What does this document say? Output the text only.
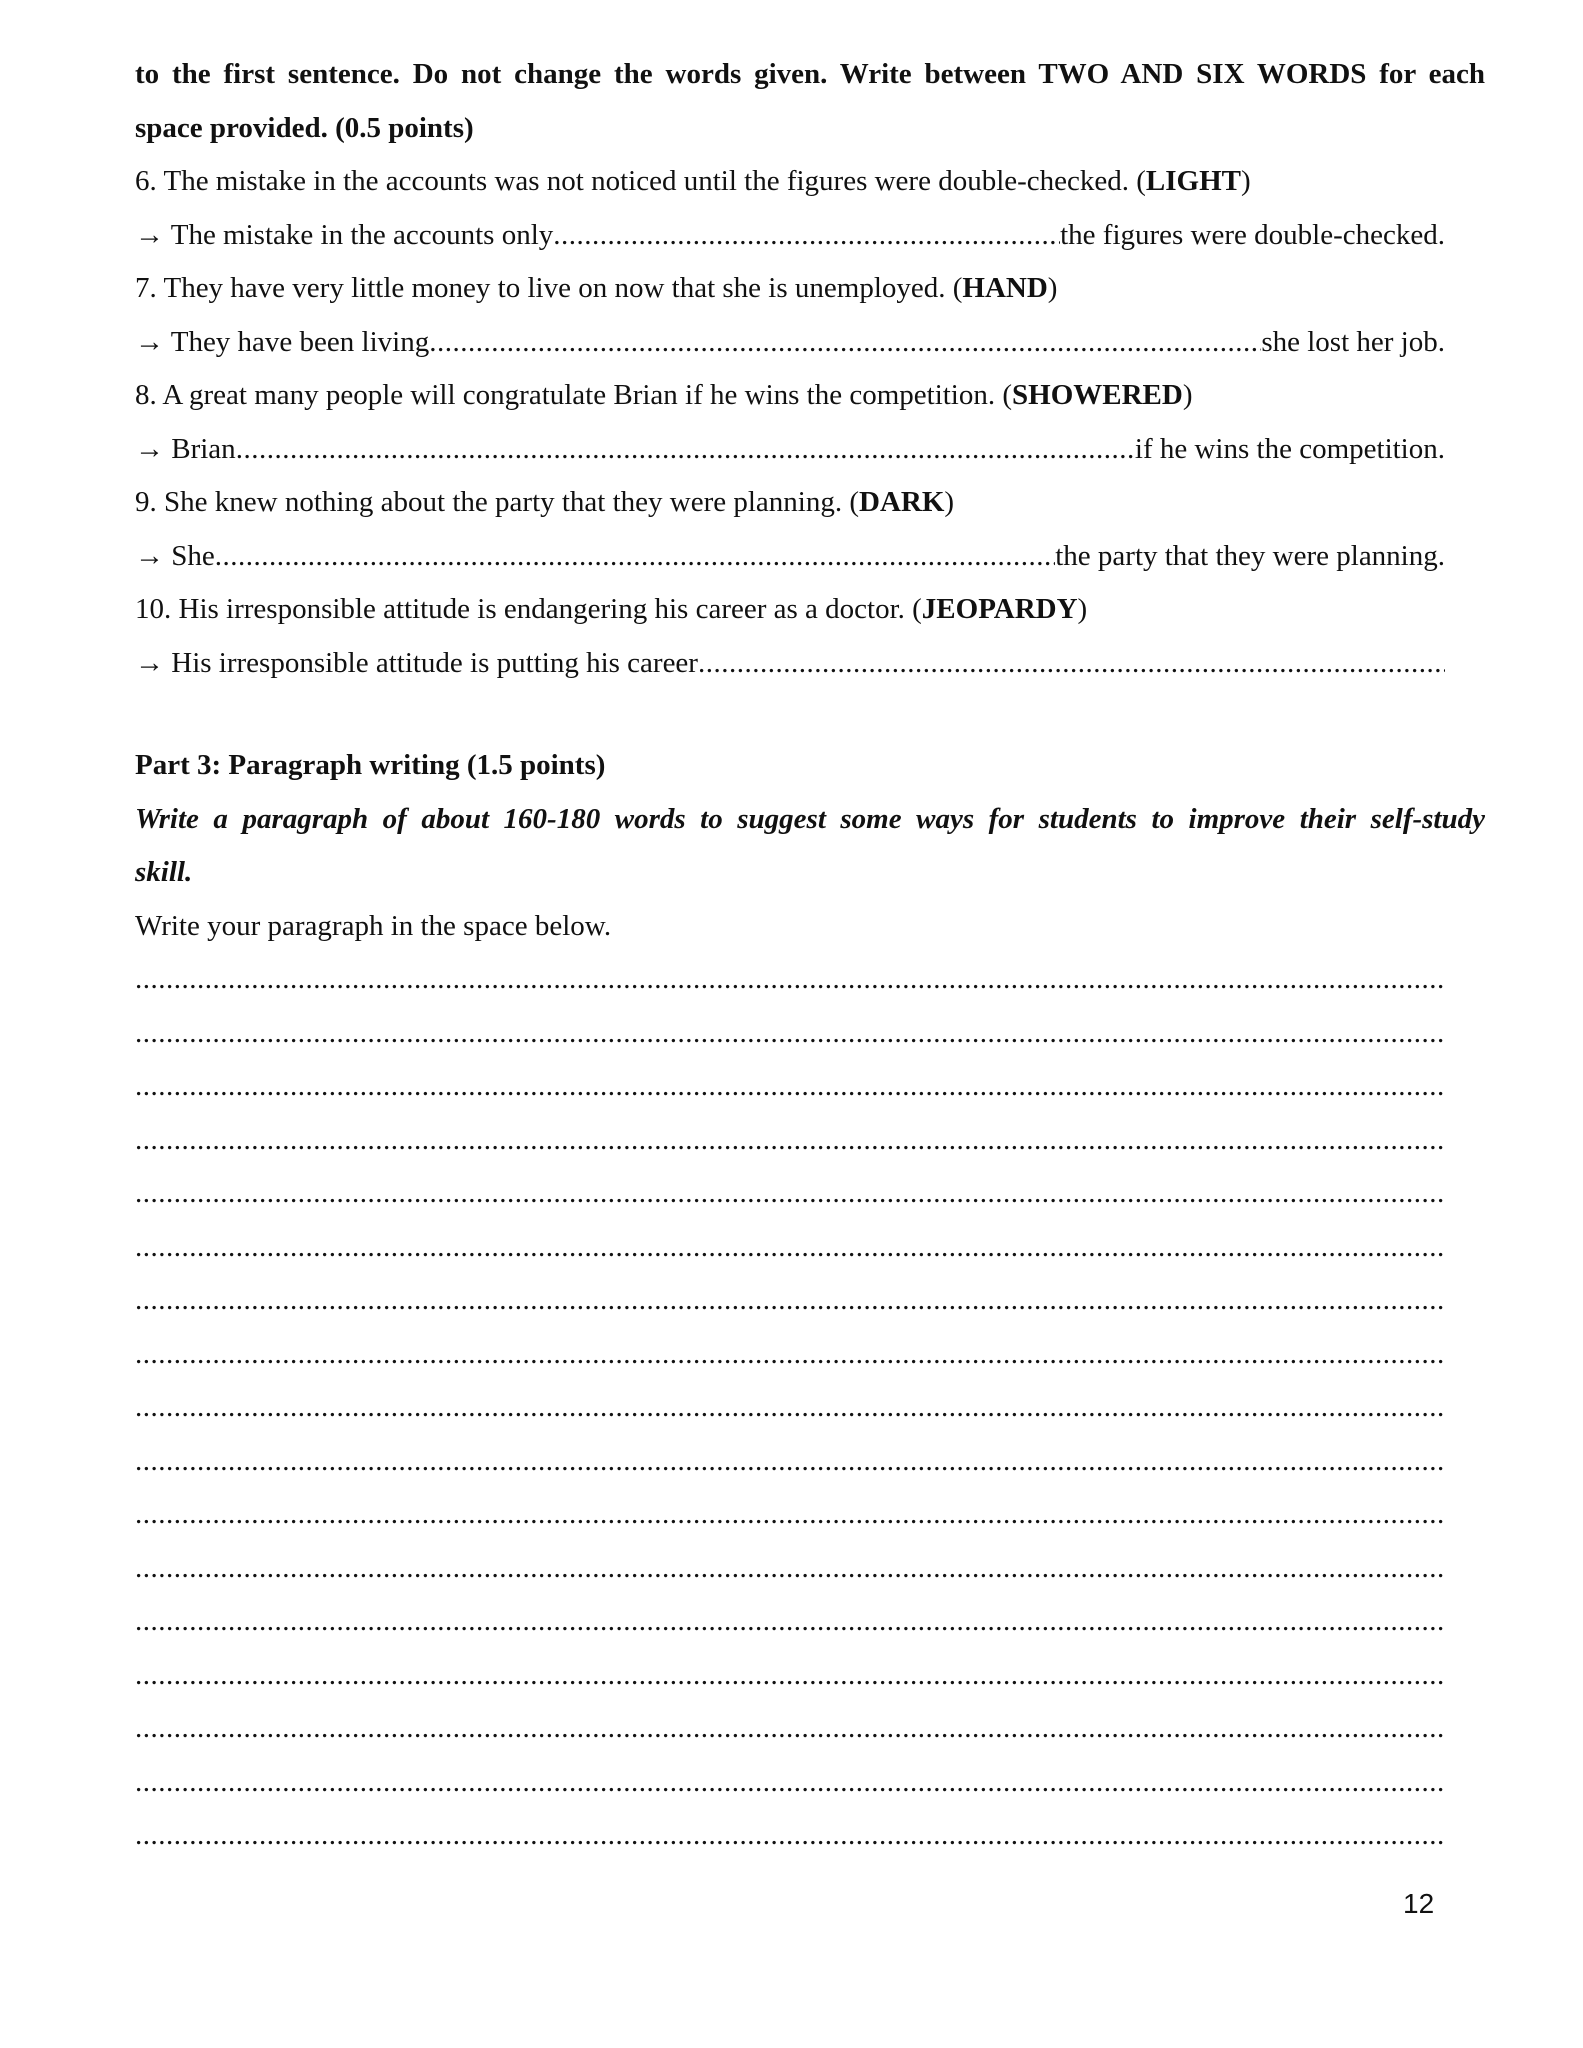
to the first sentence. Do not change the words given. Write between TWO AND SIX WORDS for each
space provided. (0.5 points)
6. The mistake in the accounts was not noticed until the figures were double-checked. (LIGHT)
→ The mistake in the accounts only .....	the figures were double-checked.
7. They have very little money to live on now that she is unemployed. (HAND)
→ They have been living .....	she lost her job.
8. A great many people will congratulate Brian if he wins the competition. (SHOWERED)
→ Brian .....	if he wins the competition.
9. She knew nothing about the party that they were planning. (DARK)
→ She .....	the party that they were planning.
10. His irresponsible attitude is endangering his career as a doctor. (JEOPARDY)
→ His irresponsible attitude is putting his career
.....
Part 3: Paragraph writing (1.5 points)
Write a paragraph of about 160-180 words to suggest some ways for students to improve their self-study
skill.
Write your paragraph in the space below.
.....
.....
.....
.....
.....
.....
.....
.....
.....
.....
.....
.....
.....
.....
.....
.....
.....
12
